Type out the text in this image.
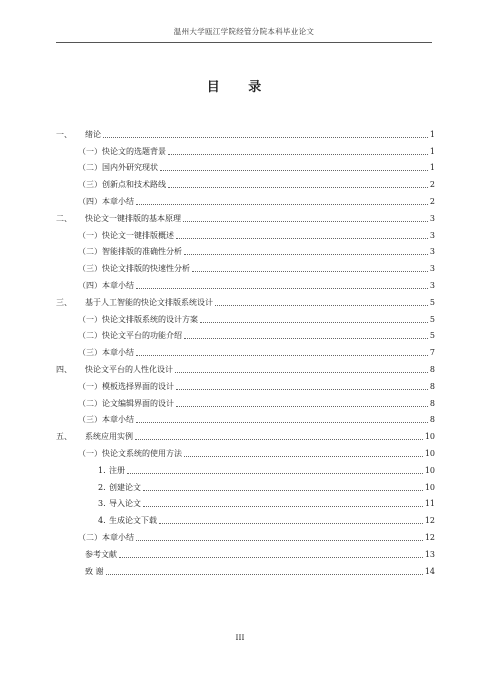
温州大学瓯江学院经管分院本科毕业论文
目 录
一、	绪论	1
（一）快论文的选题背景	1
（二）国内外研究现状	1
（三）创新点和技术路线	2
（四）本章小结	2
二、	快论文一键排版的基本原理	3
（一）快论文一键排版概述	3
（二）智能排版的准确性分析	3
（三）快论文排版的快速性分析	3
（四）本章小结	3
三、	基于人工智能的快论文排版系统设计	5
（一）快论文排版系统的设计方案	5
（二）快论文平台的功能介绍	5
（三）本章小结	7
四、	快论文平台的人性化设计	8
（一）模板选择界面的设计	8
（二）论文编辑界面的设计	8
（三）本章小结	8
五、	系统应用实例	10
（一）快论文系统的使用方法	10
1. 注册	10
2. 创建论文	10
3. 导入论文	11
4. 生成论文下载	12
（二）本章小结	12
参考文献	13
致 谢	14
III
